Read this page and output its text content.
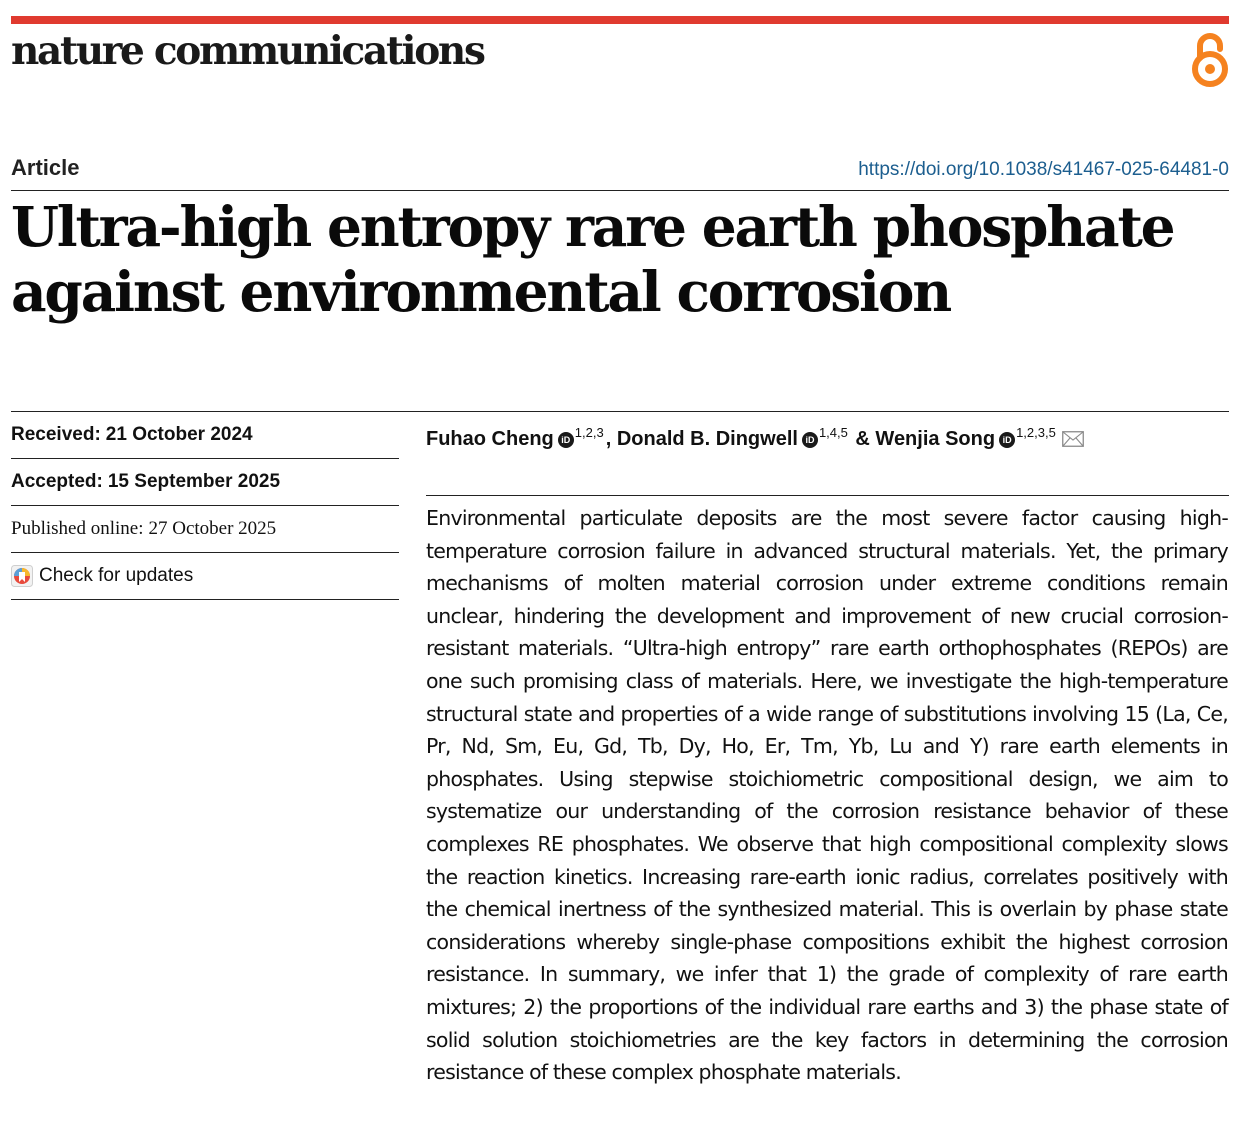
nature communications
Article	https://doi.org/10.1038/s41467-025-64481-0
Ultra-high entropy rare earth phosphate against environmental corrosion
Received: 21 October 2024
Accepted: 15 September 2025
Published online: 27 October 2025
Check for updates
Fuhao Cheng iD $^{1,2,3}$ , Donald B. Dingwell iD $^{1,4,5}$ & Wenjia Song iD $^{1,2,3,5}$

Environmental particulate deposits are the most severe factor causing high-temperature corrosion failure in advanced structural materials. Yet, the primary mechanisms of molten material corrosion under extreme conditions remain unclear, hindering the development and improvement of new crucial corrosion-resistant materials. “Ultra-high entropy” rare earth orthophosphates (REPOs) are one such promising class of materials. Here, we investigate the high-temperature structural state and properties of a wide range of substitutions involving 15 (La, Ce, Pr, Nd, Sm, Eu, Gd, Tb, Dy, Ho, Er, Tm, Yb, Lu and Y) rare earth elements in phosphates. Using stepwise stoichiometric compositional design, we aim to systematize our understanding of the corrosion resistance behavior of these complexes RE phosphates. We observe that high compositional complexity slows the reaction kinetics. Increasing rare-earth ionic radius, correlates positively with the chemical inertness of the synthesized material. This is overlain by phase state considerations whereby single-phase compositions exhibit the highest corrosion resistance. In summary, we infer that 1) the grade of complexity of rare earth mixtures; 2) the proportions of the individual rare earths and 3) the phase state of solid solution stoichiometries are the key factors in determining the corrosion resistance of these complex phosphate materials.
